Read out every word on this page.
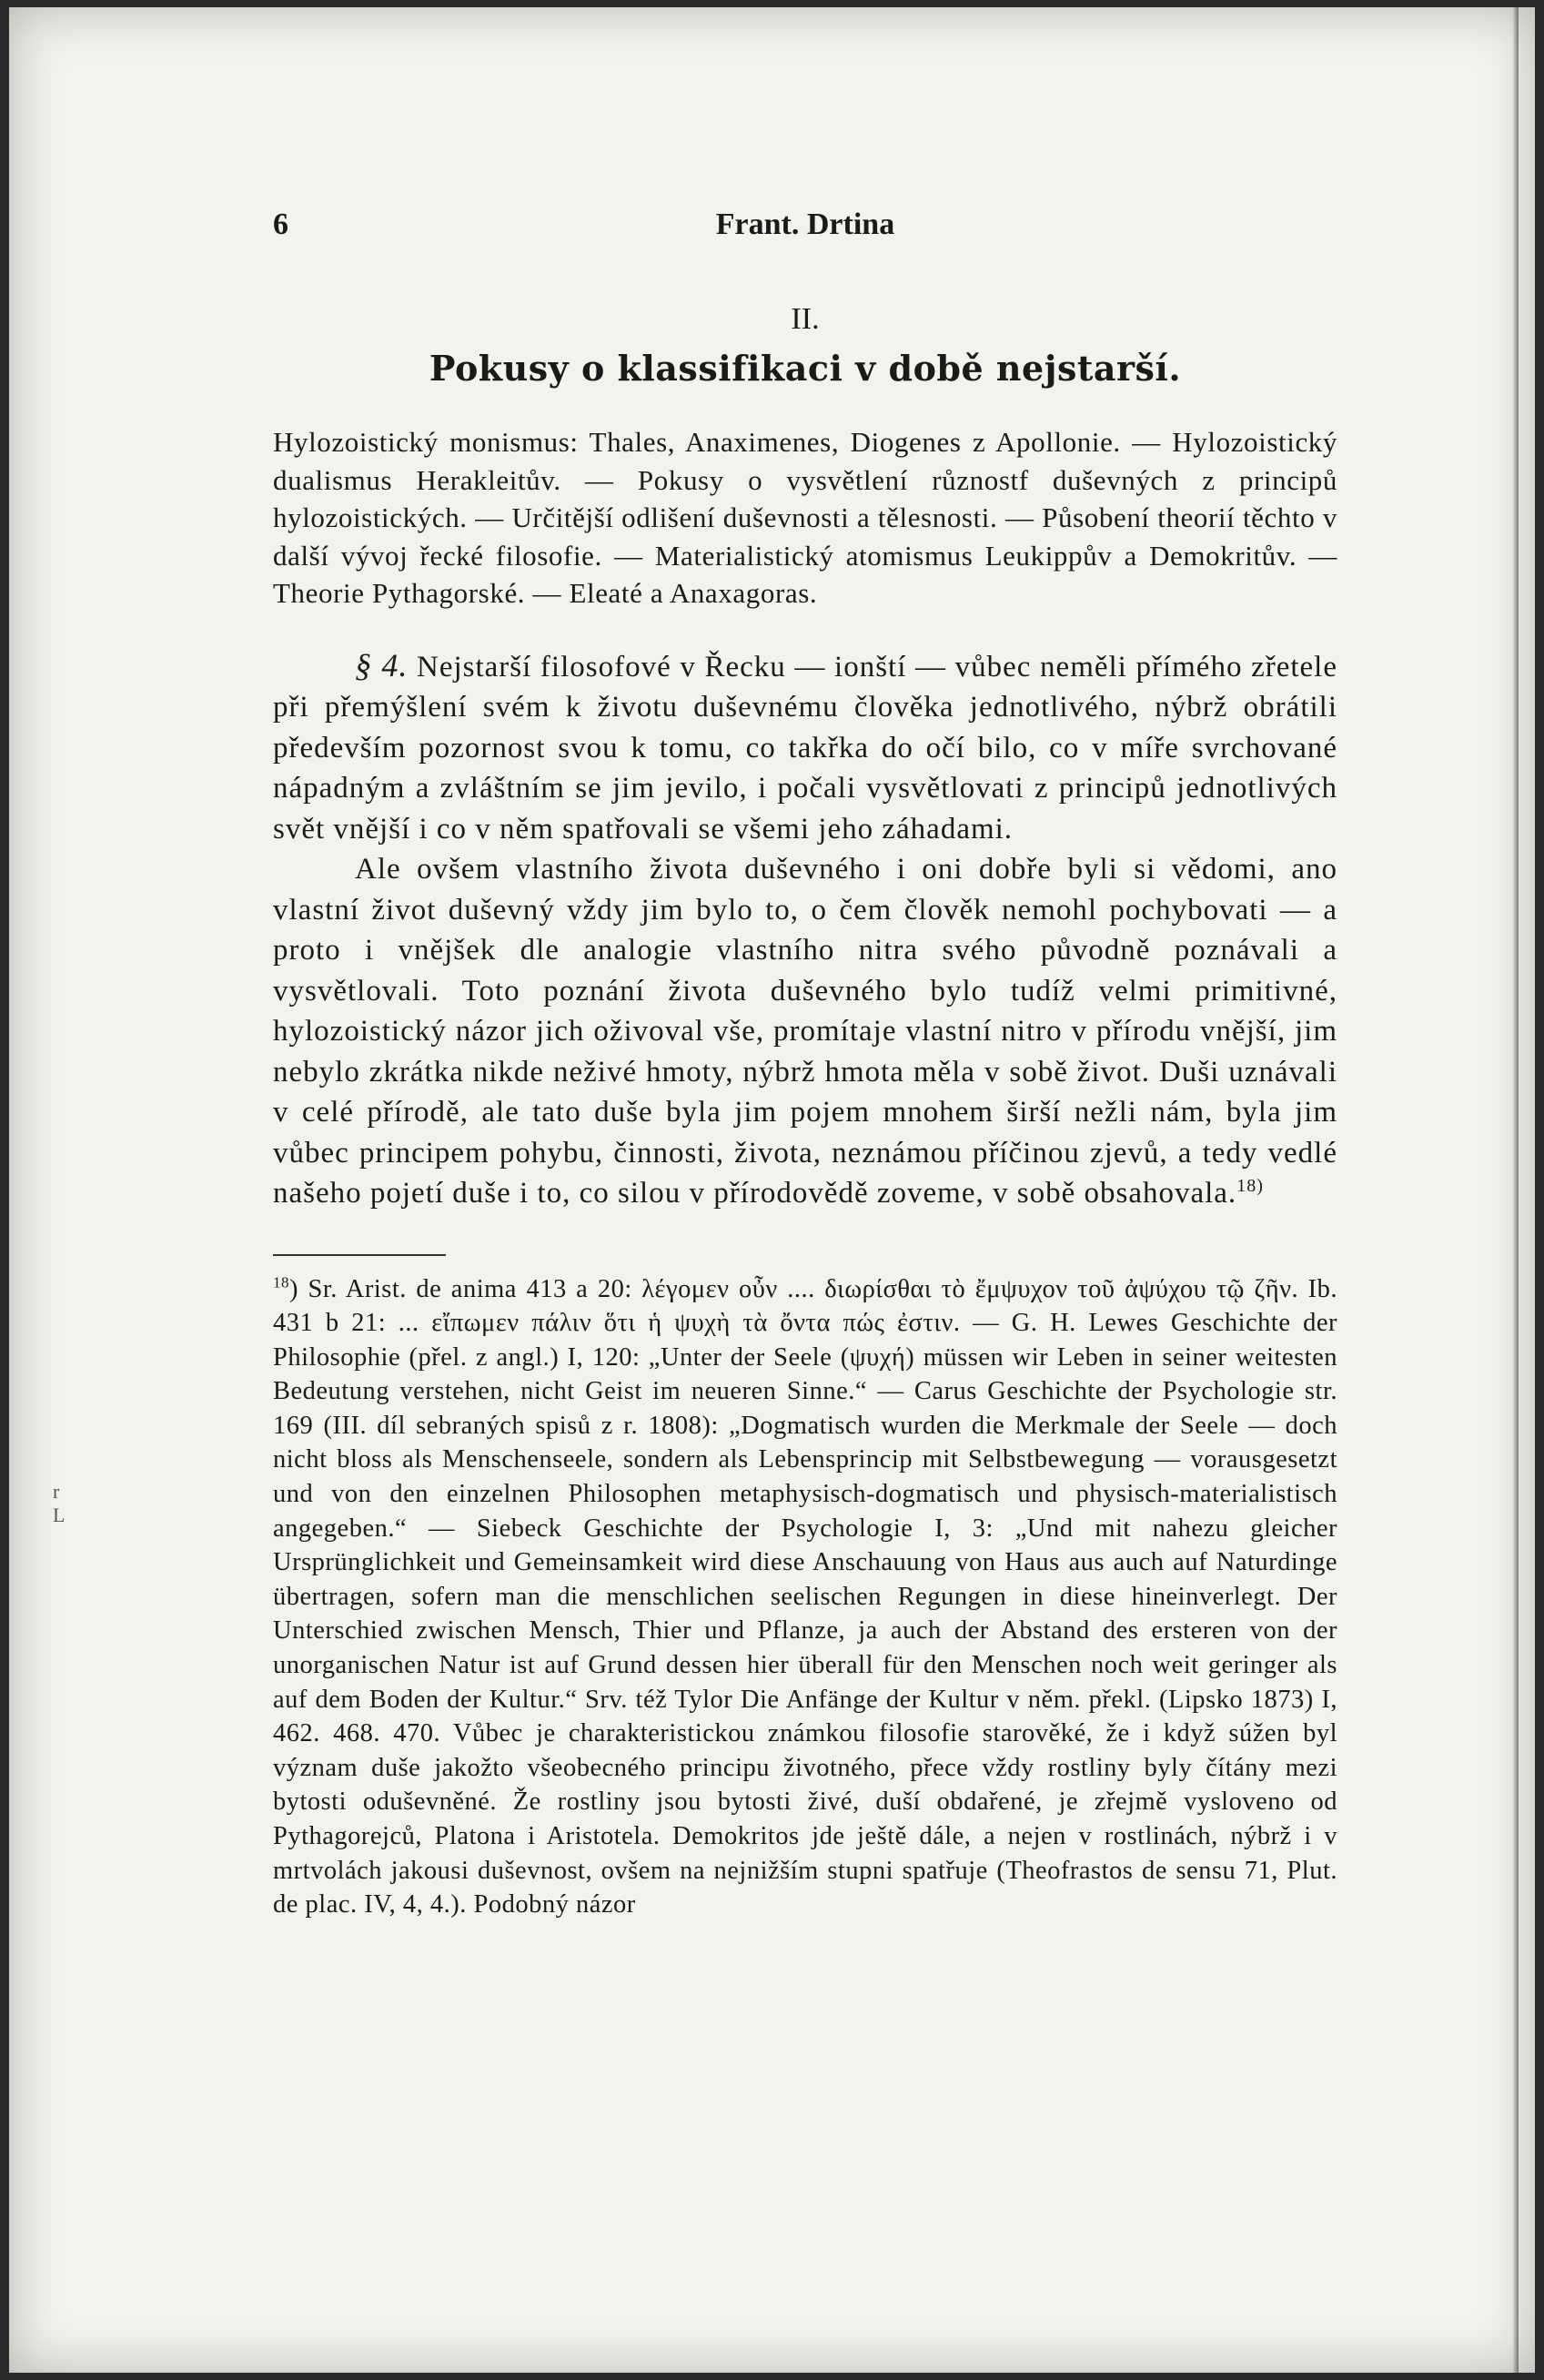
r
L
6	Frant. Drtina
II.
Pokusy o klassifikaci v době nejstarší.
Hylozoistický monismus: Thales, Anaximenes, Diogenes z Apollonie. — Hylozoistický dualismus Herakleitův. — Pokusy o vysvětlení různostf duševných z principů hylozoistických. — Určitější odlišení duševnosti a tělesnosti. — Působení theorií těchto v další vývoj řecké filosofie. — Materialistický atomismus Leukippův a Demokritův. — Theorie Pythagorské. — Eleaté a Anaxagoras.

§ 4. Nejstarší filosofové v Řecku — ionští — vůbec neměli přímého zřetele při přemýšlení svém k životu duševnému člověka jednotlivého, nýbrž obrátili především pozornost svou k tomu, co takřka do očí bilo, co v míře svrchované nápadným a zvláštním se jim jevilo, i počali vysvětlovati z principů jednotlivých svět vnější i co v něm spatřovali se všemi jeho záhadami.

Ale ovšem vlastního života duševného i oni dobře byli si vědomi, ano vlastní život duševný vždy jim bylo to, o čem člověk nemohl pochybovati — a proto i vnějšek dle analogie vlastního nitra svého původně poznávali a vysvětlovali. Toto poznání života duševného bylo tudíž velmi primitivné, hylozoistický názor jich oživoval vše, promítaje vlastní nitro v přírodu vnější, jim nebylo zkrátka nikde neživé hmoty, nýbrž hmota měla v sobě život. Duši uznávali v celé přírodě, ale tato duše byla jim pojem mnohem širší nežli nám, byla jim vůbec principem pohybu, činnosti, života, neznámou příčinou zjevů, a tedy vedlé našeho pojetí duše i to, co silou v přírodovědě zoveme, v sobě obsahovala.$^{18)}$

$^{18}$) Sr. Arist. de anima 413 a 20: λέγομεν οὖν .... διωρίσθαι τὸ ἔμψυχον τοῦ ἀψύχου τῷ ζῆν. Ib. 431 b 21: ... εἴπωμεν πάλιν ὅτι ἡ ψυχὴ τὰ ὄντα πώς ἐστιν. — G. H. Lewes Geschichte der Philosophie (přel. z angl.) I, 120: „Unter der Seele (ψυχή) müssen wir Leben in seiner weitesten Bedeutung verstehen, nicht Geist im neueren Sinne.“ — Carus Geschichte der Psychologie str. 169 (III. díl sebraných spisů z r. 1808): „Dogmatisch wurden die Merkmale der Seele — doch nicht bloss als Menschenseele, sondern als Lebensprincip mit Selbstbewegung — vorausgesetzt und von den einzelnen Philosophen metaphysisch-dogmatisch und physisch-materialistisch angegeben.“ — Siebeck Geschichte der Psychologie I, 3: „Und mit nahezu gleicher Ursprünglichkeit und Gemeinsamkeit wird diese Anschauung von Haus aus auch auf Naturdinge übertragen, sofern man die menschlichen seelischen Regungen in diese hineinverlegt. Der Unterschied zwischen Mensch, Thier und Pflanze, ja auch der Abstand des ersteren von der unorganischen Natur ist auf Grund dessen hier überall für den Menschen noch weit geringer als auf dem Boden der Kultur.“ Srv. též Tylor Die Anfänge der Kultur v něm. překl. (Lipsko 1873) I, 462. 468. 470. Vůbec je charakteristickou známkou filosofie starověké, že i když súžen byl význam duše jakožto všeobecného principu životného, přece vždy rostliny byly čítány mezi bytosti oduševněné. Že rostliny jsou bytosti živé, duší obdařené, je zřejmě vysloveno od Pythagorejců, Platona i Aristotela. Demokritos jde ještě dále, a nejen v rostlinách, nýbrž i v mrtvolách jakousi duševnost, ovšem na nejnižším stupni spatřuje (Theofrastos de sensu 71, Plut. de plac. IV, 4, 4.). Podobný názor
